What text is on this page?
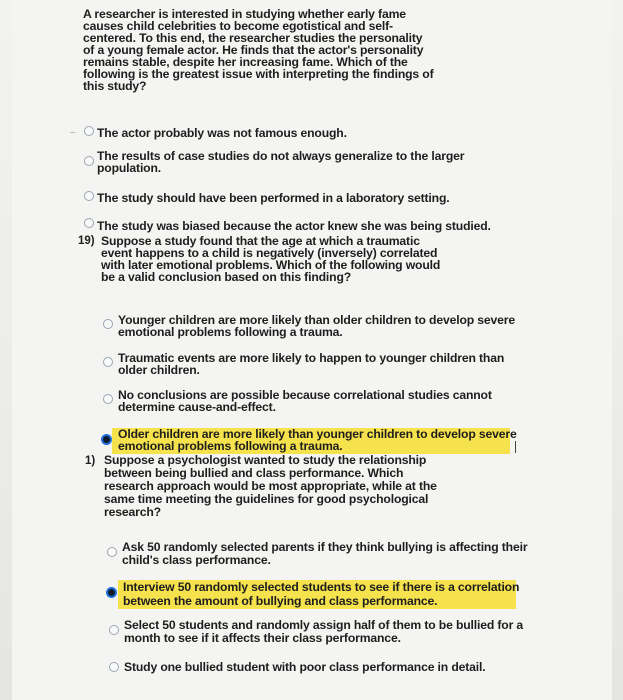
A researcher is interested in studying whether early fame
causes child celebrities to become egotistical and self-
centered. To this end, the researcher studies the personality
of a young female actor. He finds that the actor's personality
remains stable, despite her increasing fame. Which of the
following is the greatest issue with interpreting the findings of
this study?
The actor probably was not famous enough.
The results of case studies do not always generalize to the larger
population.
The study should have been performed in a laboratory setting.
The study was biased because the actor knew she was being studied.
19) Suppose a study found that the age at which a traumatic
event happens to a child is negatively (inversely) correlated
with later emotional problems. Which of the following would
be a valid conclusion based on this finding?
Younger children are more likely than older children to develop severe
emotional problems following a trauma.
Traumatic events are more likely to happen to younger children than
older children.
No conclusions are possible because correlational studies cannot
determine cause-and-effect.
Older children are more likely than younger children to develop severe
emotional problems following a trauma.
1) Suppose a psychologist wanted to study the relationship
between being bullied and class performance. Which
research approach would be most appropriate, while at the
same time meeting the guidelines for good psychological
research?
Ask 50 randomly selected parents if they think bullying is affecting their
child's class performance.
Interview 50 randomly selected students to see if there is a correlation
between the amount of bullying and class performance.
Select 50 students and randomly assign half of them to be bullied for a
month to see if it affects their class performance.
Study one bullied student with poor class performance in detail.
